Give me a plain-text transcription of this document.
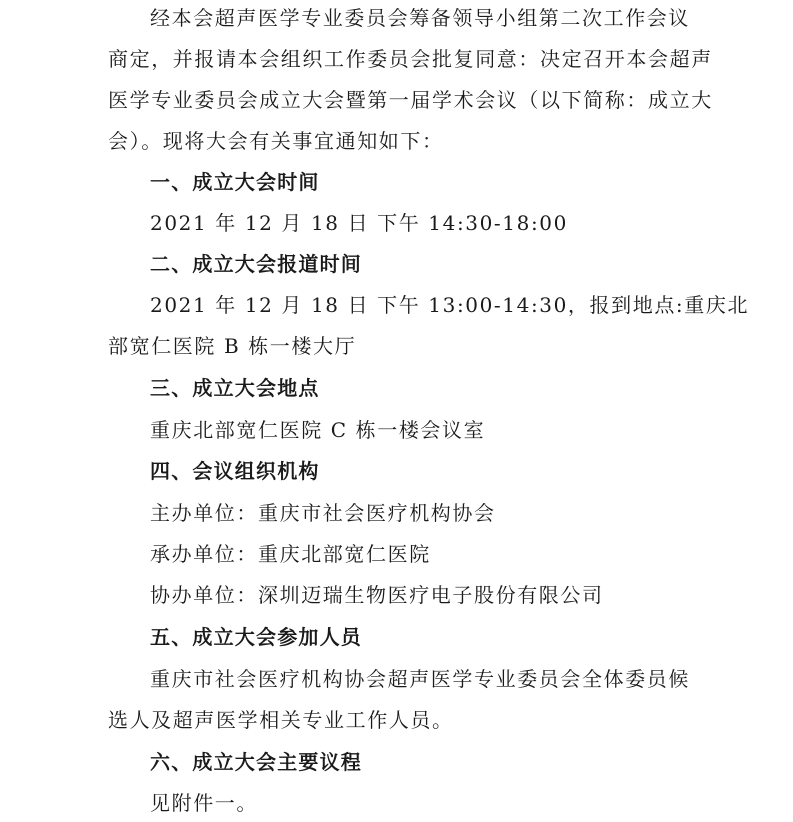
经本会超声医学专业委员会筹备领导小组第二次工作会议
商定，并报请本会组织工作委员会批复同意：决定召开本会超声
医学专业委员会成立大会暨第一届学术会议（以下简称：成立大
会）。现将大会有关事宜通知如下：
一、成立大会时间
2021 年 12 月 18 日 下午 14:30-18:00
二、成立大会报道时间
2021 年 12 月 18 日 下午 13:00-14:30，报到地点:重庆北
部宽仁医院 B 栋一楼大厅
三、成立大会地点
重庆北部宽仁医院 C 栋一楼会议室
四、会议组织机构
主办单位：重庆市社会医疗机构协会
承办单位：重庆北部宽仁医院
协办单位：深圳迈瑞生物医疗电子股份有限公司
五、成立大会参加人员
重庆市社会医疗机构协会超声医学专业委员会全体委员候
选人及超声医学相关专业工作人员。
六、成立大会主要议程
见附件一。
